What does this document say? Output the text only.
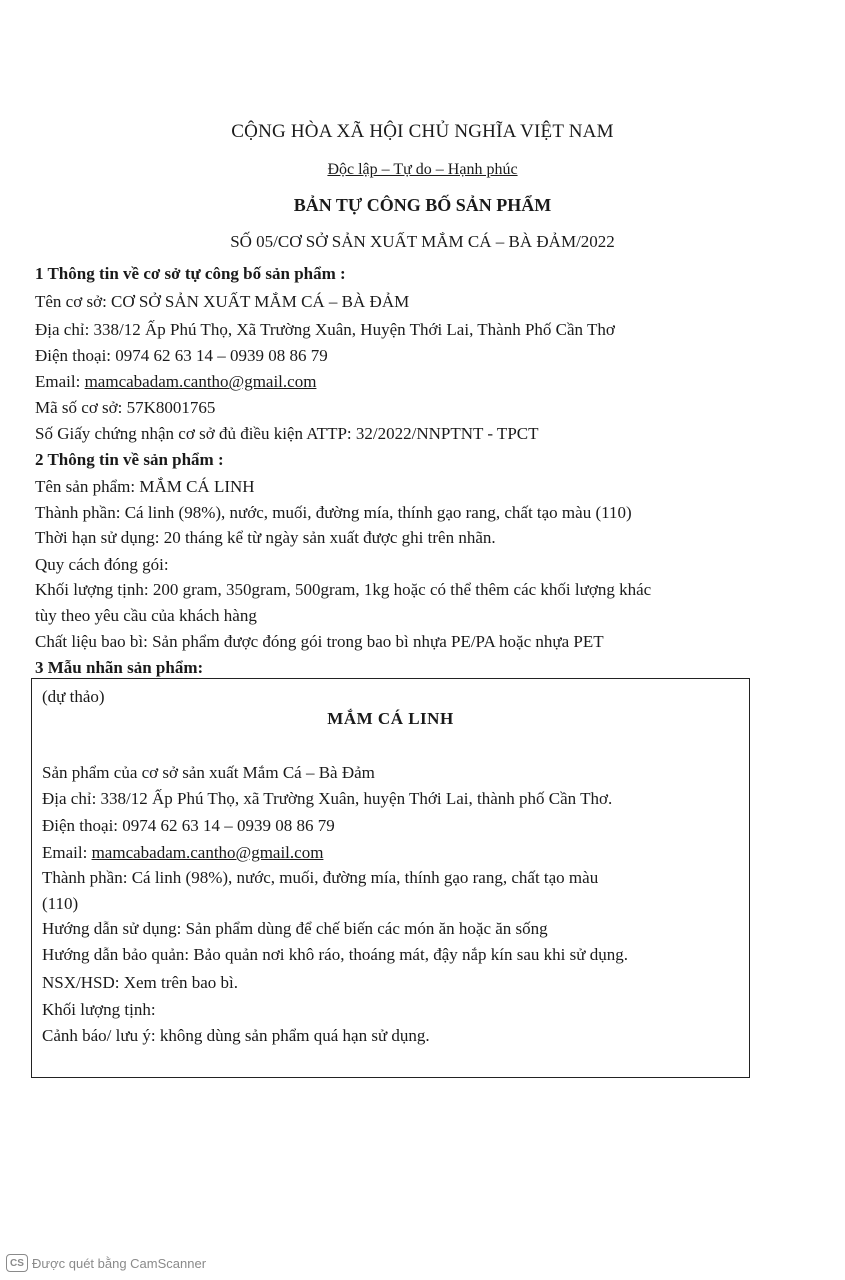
CỘNG HÒA XÃ HỘI CHỦ NGHĨA VIỆT NAM
Độc lập – Tự do – Hạnh phúc
BẢN TỰ CÔNG BỐ SẢN PHẨM
SỐ 05/CƠ SỞ SẢN XUẤT MẮM CÁ – BÀ ĐẢM/2022
1 Thông tin về cơ sở tự công bố sản phẩm :
Tên cơ sở: CƠ SỞ SẢN XUẤT MẮM CÁ – BÀ ĐẢM
Địa chỉ: 338/12 Ấp Phú Thọ, Xã Trường Xuân, Huyện Thới Lai, Thành Phố Cần Thơ
Điện thoại: 0974 62 63 14 – 0939 08 86 79
Email: mamcabadam.cantho@gmail.com
Mã số cơ sở: 57K8001765
Số Giấy chứng nhận cơ sở đủ điều kiện ATTP: 32/2022/NNPTNT - TPCT
2 Thông tin về sản phẩm :
Tên sản phẩm: MẮM CÁ LINH
Thành phần: Cá linh (98%), nước, muối, đường mía, thính gạo rang, chất tạo màu (110)
Thời hạn sử dụng: 20 tháng kể từ ngày sản xuất được ghi trên nhãn.
Quy cách đóng gói:
Khối lượng tịnh: 200 gram, 350gram, 500gram, 1kg hoặc có thể thêm các khối lượng khác
tùy theo yêu cầu của khách hàng
Chất liệu bao bì: Sản phẩm được đóng gói trong bao bì nhựa PE/PA hoặc nhựa PET
3 Mẫu nhãn sản phẩm:
(dự thảo)
MẮM CÁ LINH
Sản phẩm của cơ sở sản xuất Mắm Cá – Bà Đảm
Địa chỉ: 338/12 Ấp Phú Thọ, xã Trường Xuân, huyện Thới Lai, thành phố Cần Thơ.
Điện thoại: 0974 62 63 14 – 0939 08 86 79
Email: mamcabadam.cantho@gmail.com
Thành phần: Cá linh (98%), nước, muối, đường mía, thính gạo rang, chất tạo màu
(110)
Hướng dẫn sử dụng: Sản phẩm dùng để chế biến các món ăn hoặc ăn sống
Hướng dẫn bảo quản: Bảo quản nơi khô ráo, thoáng mát, đậy nắp kín sau khi sử dụng.
NSX/HSD: Xem trên bao bì.
Khối lượng tịnh:
Cảnh báo/ lưu ý: không dùng sản phẩm quá hạn sử dụng.
CS Được quét bằng CamScanner
